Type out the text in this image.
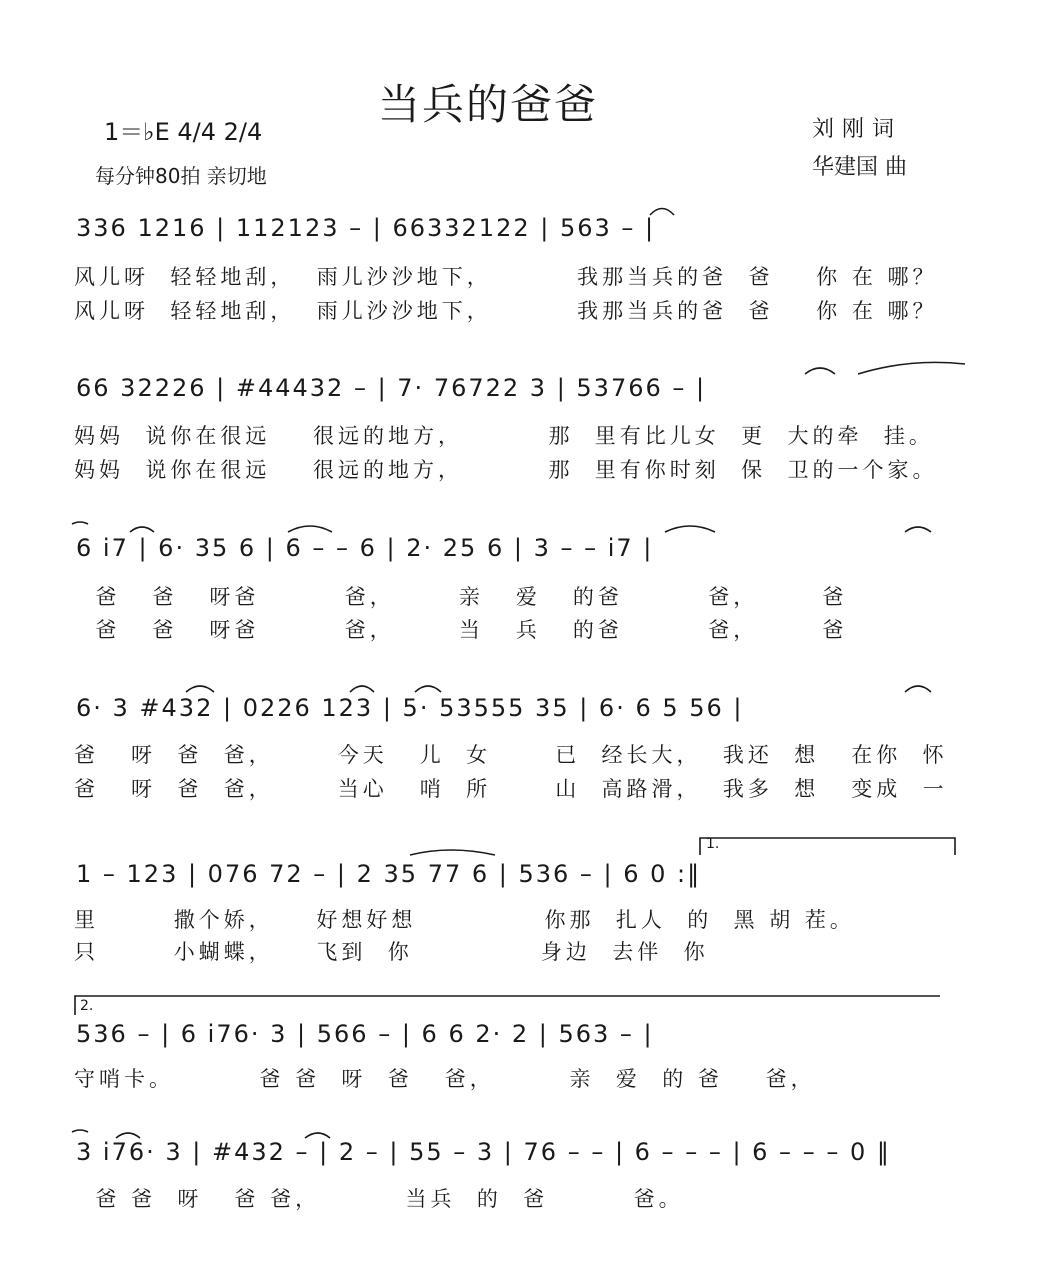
当兵的爸爸
1＝♭E 4/4 2/4
每分钟80拍 亲切地
刘刚词
华建国 曲
336 1216 | 112123 – | 66332122 | 563 – |
风儿呀  轻轻地刮，  雨儿沙沙地下，        我那当兵的爸  爸    你 在 哪？
风儿呀  轻轻地刮，  雨儿沙沙地下，        我那当兵的爸  爸    你 在 哪？
66 32226 | #44432 – | 7· 76722 3 | 53766 – |
妈妈  说你在很远    很远的地方，        那  里有比儿女  更  大的牵  挂。
妈妈  说你在很远    很远的地方，        那  里有你时刻  保  卫的一个家。
6 i7 | 6· 35 6 | 6 – – 6 | 2· 25 6 | 3 – – i7 |
爸   爸   呀爸        爸，      亲   爱   的爸        爸，      爸
爸   爸   呀爸        爸，      当   兵   的爸        爸，      爸
6· 3 #432 | 0226 123 | 5· 53555 35 | 6· 6 5 56 |
爸   呀  爸  爸，      今天   儿  女      已  经长大，  我还  想   在你  怀
爸   呀  爸  爸，      当心   哨  所      山  高路滑，  我多  想   变成  一
1.
1 – 123 | 076 72 – | 2 35 77 6 | 536 – | 6 0 :‖
里       撒个娇，    好想好想            你那  扎人  的  黑 胡 茬。
只       小蝴蝶，    飞到  你            身边  去伴  你
2.
536 – | 6 i76· 3 | 566 – | 6 6 2· 2 | 563 – |
守哨卡。        爸 爸  呀  爸   爸，       亲  爱  的 爸    爸，
3 i76· 3 | #432 – | 2 – | 55 – 3 | 76 – – | 6 – – – | 6 – – – 0 ‖
爸 爸  呀   爸 爸，        当兵  的  爸        爸。
